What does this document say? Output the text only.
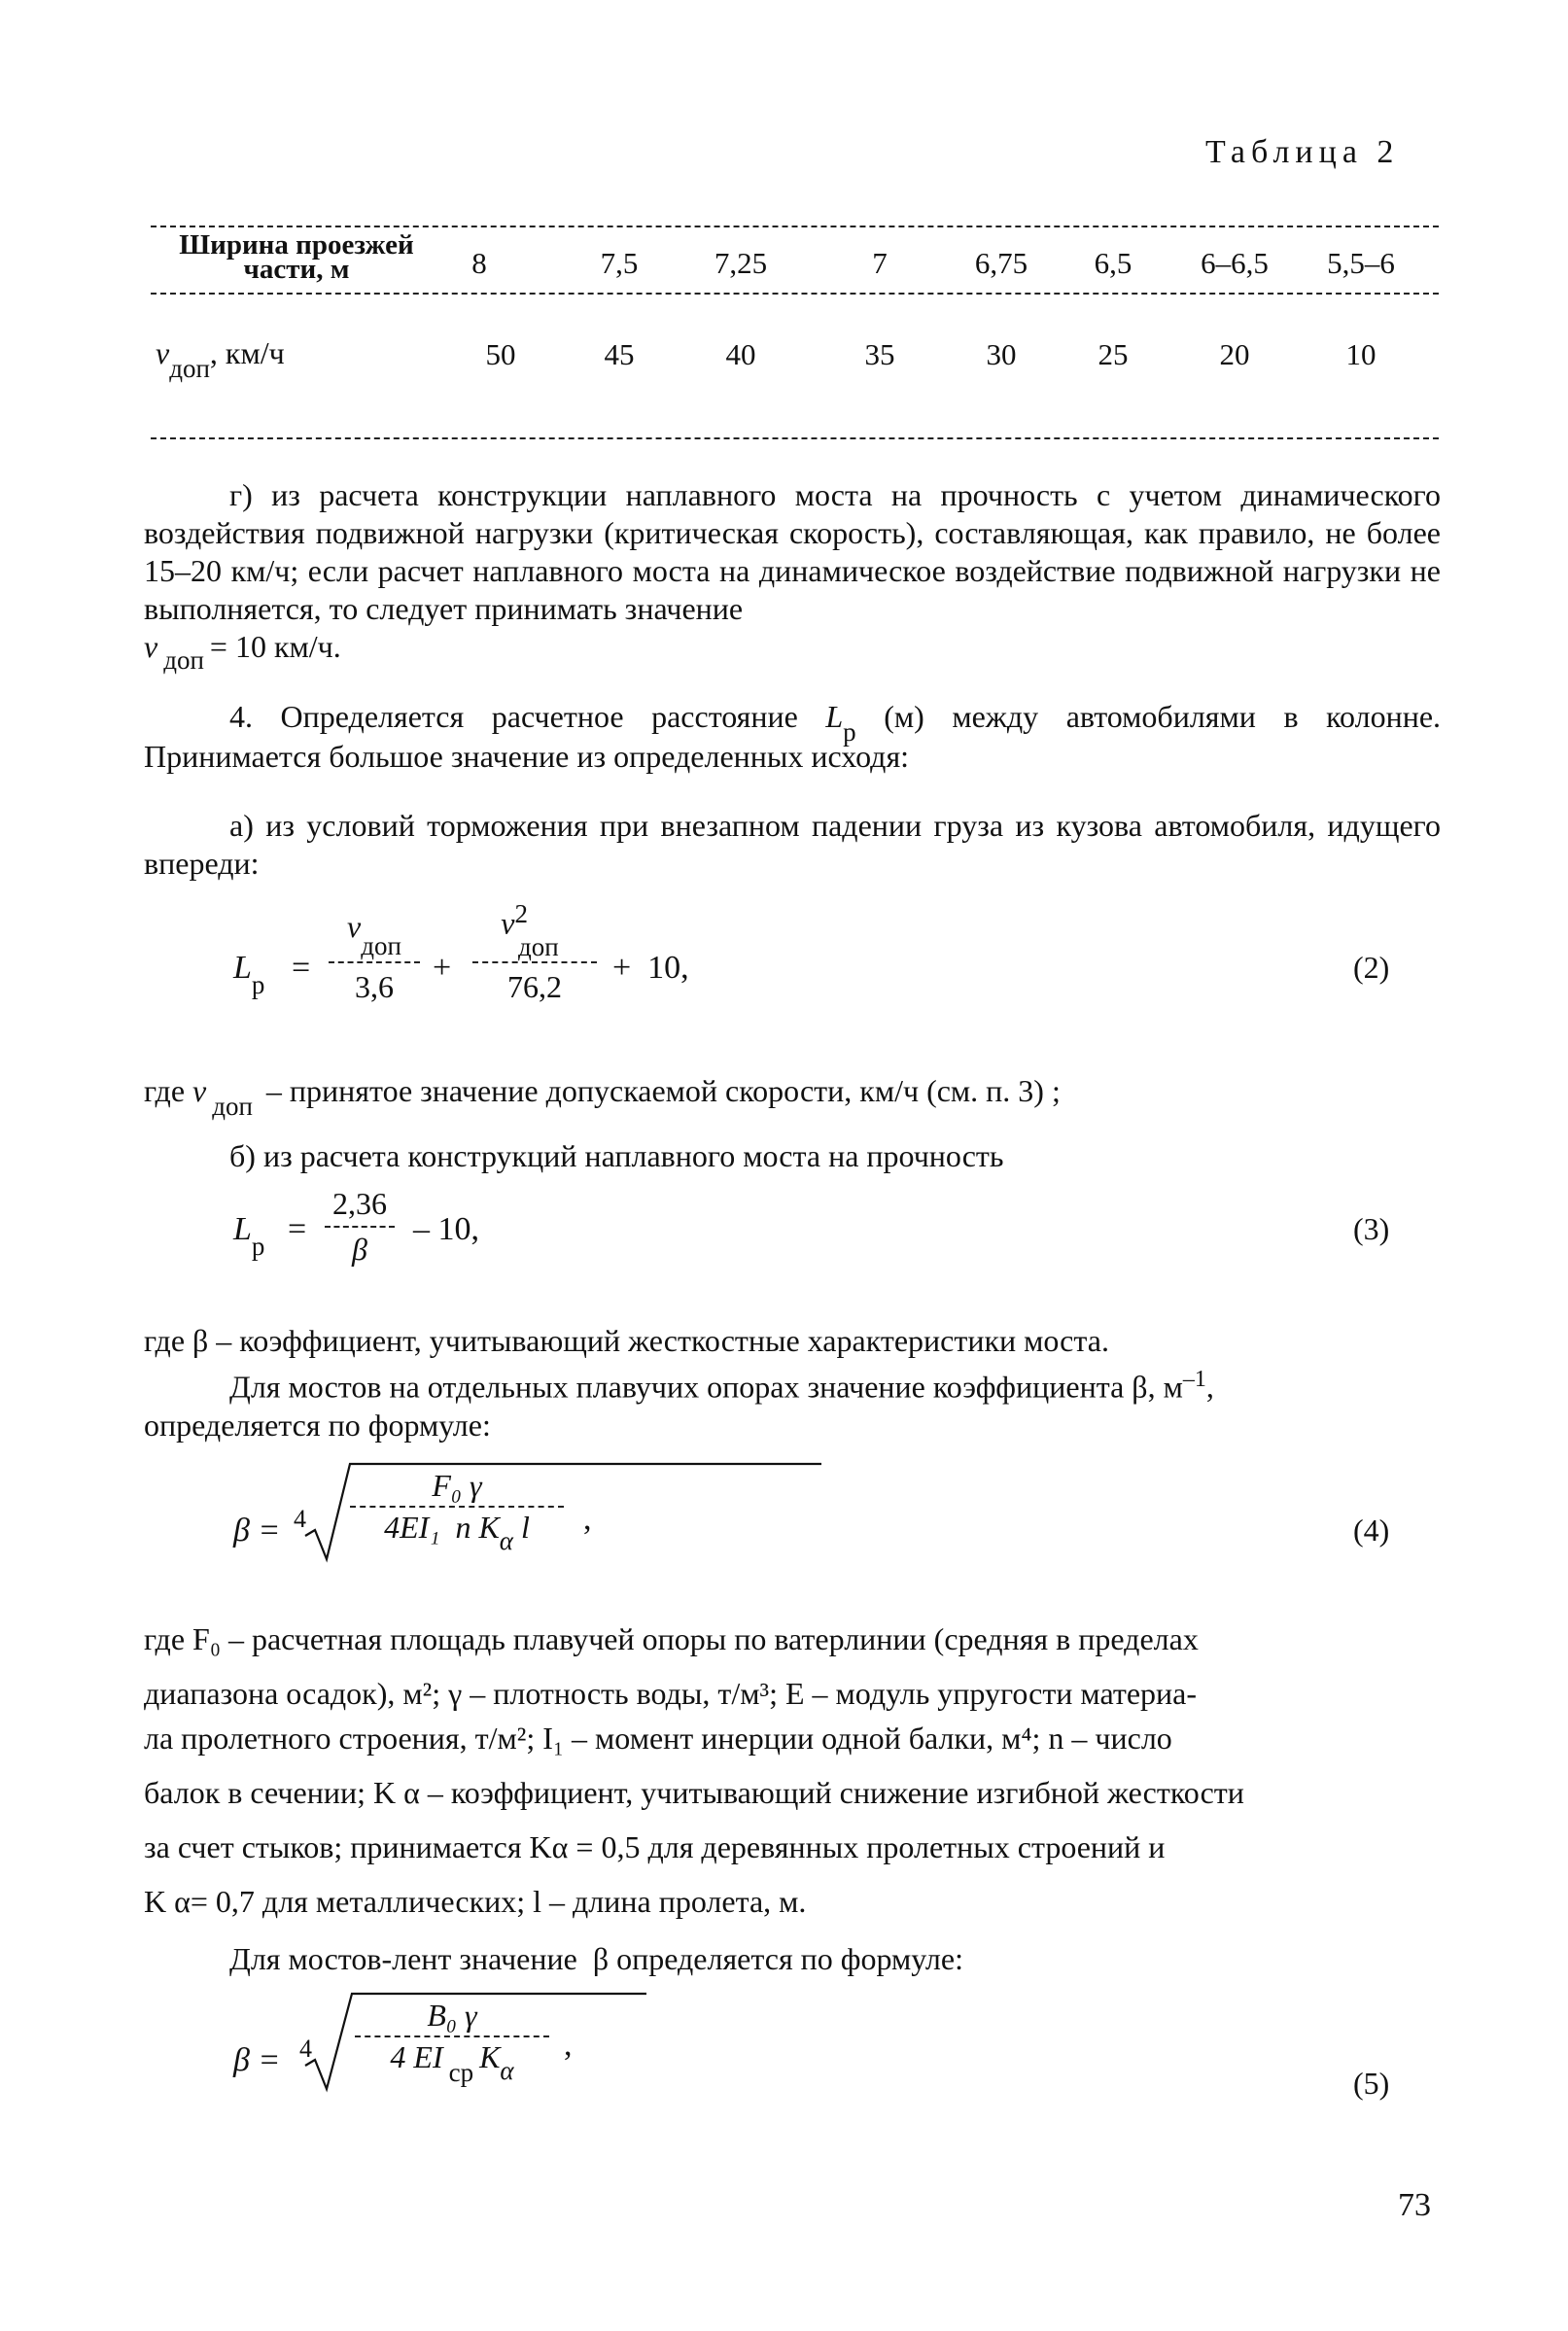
Таблица 2
Ширина проезжей
части, м	8	7,5	7,25	7	6,75	6,5	6–6,5	5,5–6
$v_{доп}$, км/ч	50	45	40	35	30	25	20	10
г) из расчета конструкции наплавного моста на прочность с учетом динамического воздействия подвижной нагрузки (критическая скорость), составляющая, как правило, не более 15–20 км/ч; если расчет наплавного моста на динамическое воздействие подвижной нагрузки не выполняется, то следует принимать значение
v $_{доп}$ = 10 км/ч.
4. Определяется расчетное расстояние $L_р$ (м) между автомобилями в колонне. Принимается большое значение из определенных исходя:
а) из условий торможения при внезапном падении груза из кузова автомобиля, идущего впереди:
$L_р$ =
$v_{доп}$
3,6
+
$v^2_{доп}$
76,2
+  10,	(2)
где v $_{доп}$ – принятое значение допускаемой скорости, км/ч (см. п. 3) ;
б) из расчета конструкций наплавного моста на прочность
$L_р$ =
2,36
β
– 10,	(3)
где β – коэффициент, учитывающий жесткостные характеристики моста.
Для мостов на отдельных плавучих опорах значение коэффициента β, $м^{-1}$,
определяется по формуле:
β = 4
F₀ γ
4EI₁  n $K_\alpha$ l	,	(4)
где F₀ – расчетная площадь плавучей опоры по ватерлинии (средняя в пределах
диапазона осадок), м²; γ – плотность воды, т/м³; E – модуль упругости материа-
ла пролетного строения, т/м²; I₁ – момент инерции одной балки, м⁴; n – число
балок в сечении; K α – коэффициент, учитывающий снижение изгибной жесткости
за счет стыков; принимается Kα = 0,5 для деревянных пролетных строений и
K α= 0,7 для металлических; l – длина пролета, м.
Для мостов-лент значение  β определяется по формуле:
β = 4
B₀ γ
4 EI $_{ср}$ $K_\alpha$
,
(5)
73
